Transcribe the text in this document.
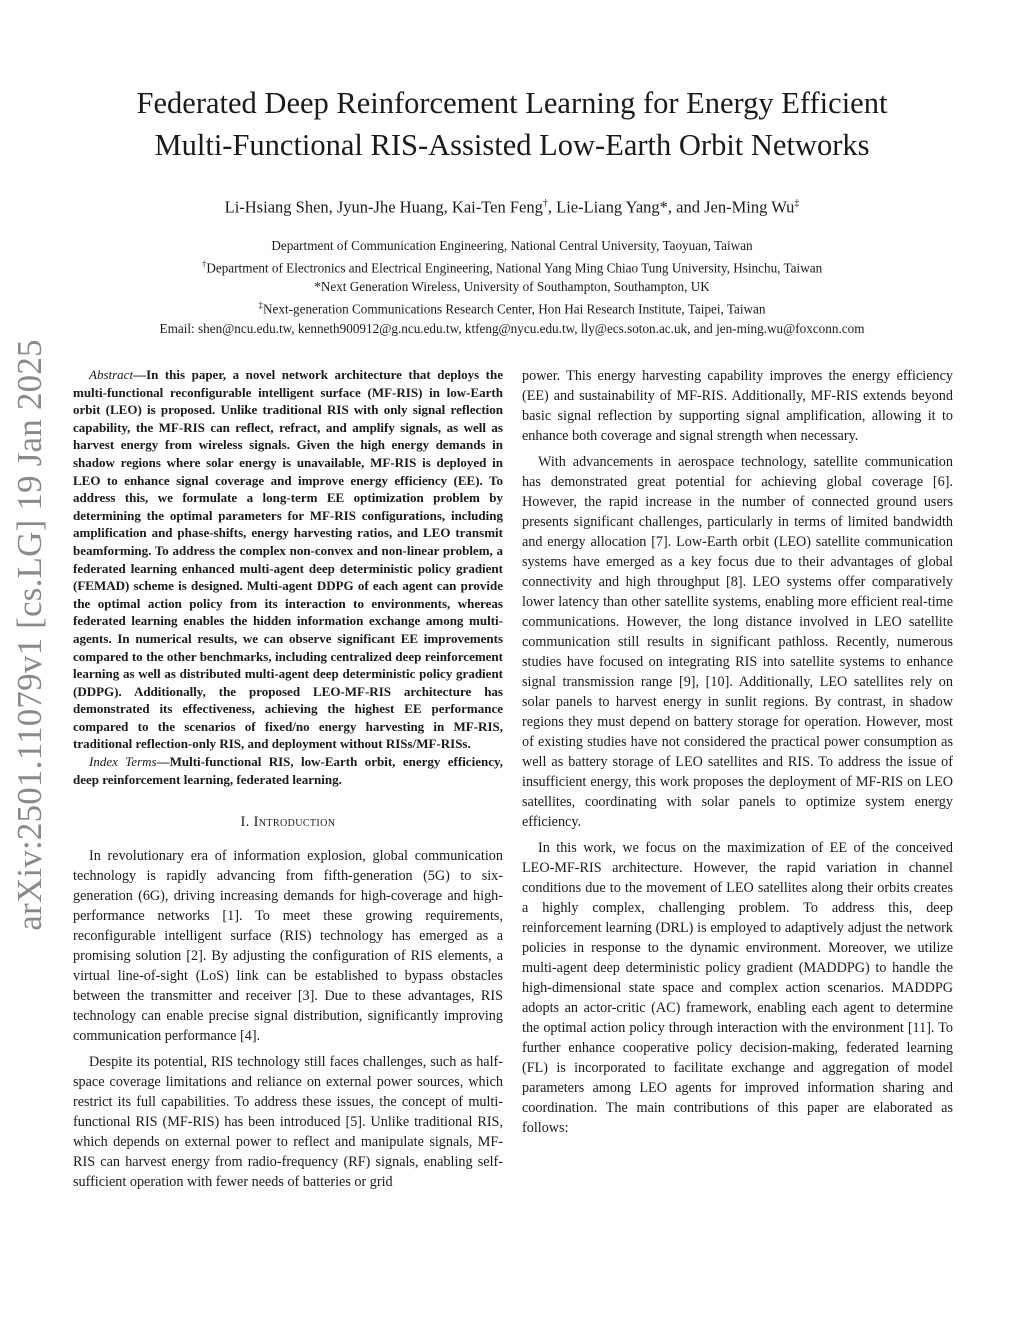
arXiv:2501.11079v1 [cs.LG] 19 Jan 2025
Federated Deep Reinforcement Learning for Energy Efficient
Multi-Functional RIS-Assisted Low-Earth Orbit Networks
Li-Hsiang Shen, Jyun-Jhe Huang, Kai-Ten Feng†, Lie-Liang Yang*, and Jen-Ming Wu‡
Department of Communication Engineering, National Central University, Taoyuan, Taiwan
†Department of Electronics and Electrical Engineering, National Yang Ming Chiao Tung University, Hsinchu, Taiwan
*Next Generation Wireless, University of Southampton, Southampton, UK
‡Next-generation Communications Research Center, Hon Hai Research Institute, Taipei, Taiwan
Email: shen@ncu.edu.tw, kenneth900912@g.ncu.edu.tw, ktfeng@nycu.edu.tw, lly@ecs.soton.ac.uk, and jen-ming.wu@foxconn.com

Abstract—In this paper, a novel network architecture that deploys the multi-functional reconfigurable intelligent surface (MF-RIS) in low-Earth orbit (LEO) is proposed. Unlike traditional RIS with only signal reflection capability, the MF-RIS can reflect, refract, and amplify signals, as well as harvest energy from wireless signals. Given the high energy demands in shadow regions where solar energy is unavailable, MF-RIS is deployed in LEO to enhance signal coverage and improve energy efficiency (EE). To address this, we formulate a long-term EE optimization problem by determining the optimal parameters for MF-RIS configurations, including amplification and phase-shifts, energy harvesting ratios, and LEO transmit beamforming. To address the complex non-convex and non-linear problem, a federated learning enhanced multi-agent deep deterministic policy gradient (FEMAD) scheme is designed. Multi-agent DDPG of each agent can provide the optimal action policy from its interaction to environments, whereas federated learning enables the hidden information exchange among multi-agents. In numerical results, we can observe significant EE improvements compared to the other benchmarks, including centralized deep reinforcement learning as well as distributed multi-agent deep deterministic policy gradient (DDPG). Additionally, the proposed LEO-MF-RIS architecture has demonstrated its effectiveness, achieving the highest EE performance compared to the scenarios of fixed/no energy harvesting in MF-RIS, traditional reflection-only RIS, and deployment without RISs/MF-RISs.

Index Terms—Multi-functional RIS, low-Earth orbit, energy efficiency, deep reinforcement learning, federated learning.

I. Introduction

In revolutionary era of information explosion, global communication technology is rapidly advancing from fifth-generation (5G) to six-generation (6G), driving increasing demands for high-coverage and high-performance networks [1]. To meet these growing requirements, reconfigurable intelligent surface (RIS) technology has emerged as a promising solution [2]. By adjusting the configuration of RIS elements, a virtual line-of-sight (LoS) link can be established to bypass obstacles between the transmitter and receiver [3]. Due to these advantages, RIS technology can enable precise signal distribution, significantly improving communication performance [4].

Despite its potential, RIS technology still faces challenges, such as half-space coverage limitations and reliance on external power sources, which restrict its full capabilities. To address these issues, the concept of multi-functional RIS (MF-RIS) has been introduced [5]. Unlike traditional RIS, which depends on external power to reflect and manipulate signals, MF-RIS can harvest energy from radio-frequency (RF) signals, enabling self-sufficient operation with fewer needs of batteries or grid

power. This energy harvesting capability improves the energy efficiency (EE) and sustainability of MF-RIS. Additionally, MF-RIS extends beyond basic signal reflection by supporting signal amplification, allowing it to enhance both coverage and signal strength when necessary.

With advancements in aerospace technology, satellite communication has demonstrated great potential for achieving global coverage [6]. However, the rapid increase in the number of connected ground users presents significant challenges, particularly in terms of limited bandwidth and energy allocation [7]. Low-Earth orbit (LEO) satellite communication systems have emerged as a key focus due to their advantages of global connectivity and high throughput [8]. LEO systems offer comparatively lower latency than other satellite systems, enabling more efficient real-time communications. However, the long distance involved in LEO satellite communication still results in significant pathloss. Recently, numerous studies have focused on integrating RIS into satellite systems to enhance signal transmission range [9], [10]. Additionally, LEO satellites rely on solar panels to harvest energy in sunlit regions. By contrast, in shadow regions they must depend on battery storage for operation. However, most of existing studies have not considered the practical power consumption as well as battery storage of LEO satellites and RIS. To address the issue of insufficient energy, this work proposes the deployment of MF-RIS on LEO satellites, coordinating with solar panels to optimize system energy efficiency.

In this work, we focus on the maximization of EE of the conceived LEO-MF-RIS architecture. However, the rapid variation in channel conditions due to the movement of LEO satellites along their orbits creates a highly complex, challenging problem. To address this, deep reinforcement learning (DRL) is employed to adaptively adjust the network policies in response to the dynamic environment. Moreover, we utilize multi-agent deep deterministic policy gradient (MADDPG) to handle the high-dimensional state space and complex action scenarios. MADDPG adopts an actor-critic (AC) framework, enabling each agent to determine the optimal action policy through interaction with the environment [11]. To further enhance cooperative policy decision-making, federated learning (FL) is incorporated to facilitate exchange and aggregation of model parameters among LEO agents for improved information sharing and coordination. The main contributions of this paper are elaborated as follows:
